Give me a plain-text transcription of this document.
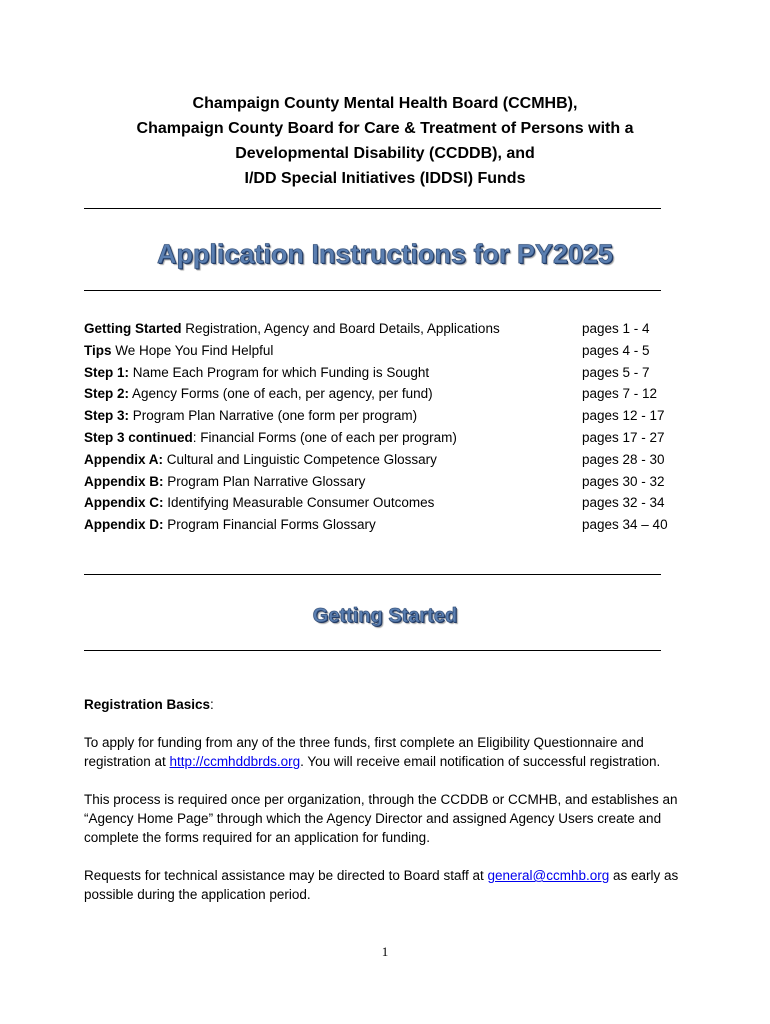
Champaign County Mental Health Board (CCMHB),
Champaign County Board for Care & Treatment of Persons with a
Developmental Disability (CCDDB), and
I/DD Special Initiatives (IDDSI) Funds
Application Instructions for PY2025
Getting Started Registration, Agency and Board Details, Applications	pages 1 - 4
Tips We Hope You Find Helpful	pages 4 - 5
Step 1: Name Each Program for which Funding is Sought	pages 5 - 7
Step 2: Agency Forms (one of each, per agency, per fund)	pages 7 - 12
Step 3: Program Plan Narrative (one form per program)	pages 12 - 17
Step 3 continued: Financial Forms (one of each per program)	pages 17 - 27
Appendix A: Cultural and Linguistic Competence Glossary	pages 28 - 30
Appendix B: Program Plan Narrative Glossary	pages 30 - 32
Appendix C: Identifying Measurable Consumer Outcomes	pages 32 - 34
Appendix D: Program Financial Forms Glossary	pages 34 – 40
Getting Started

Registration Basics:

To apply for funding from any of the three funds, first complete an Eligibility Questionnaire and registration at http://ccmhddbrds.org. You will receive email notification of successful registration.

This process is required once per organization, through the CCDDB or CCMHB, and establishes an “Agency Home Page” through which the Agency Director and assigned Agency Users create and complete the forms required for an application for funding.

Requests for technical assistance may be directed to Board staff at general@ccmhb.org as early as possible during the application period.

1
